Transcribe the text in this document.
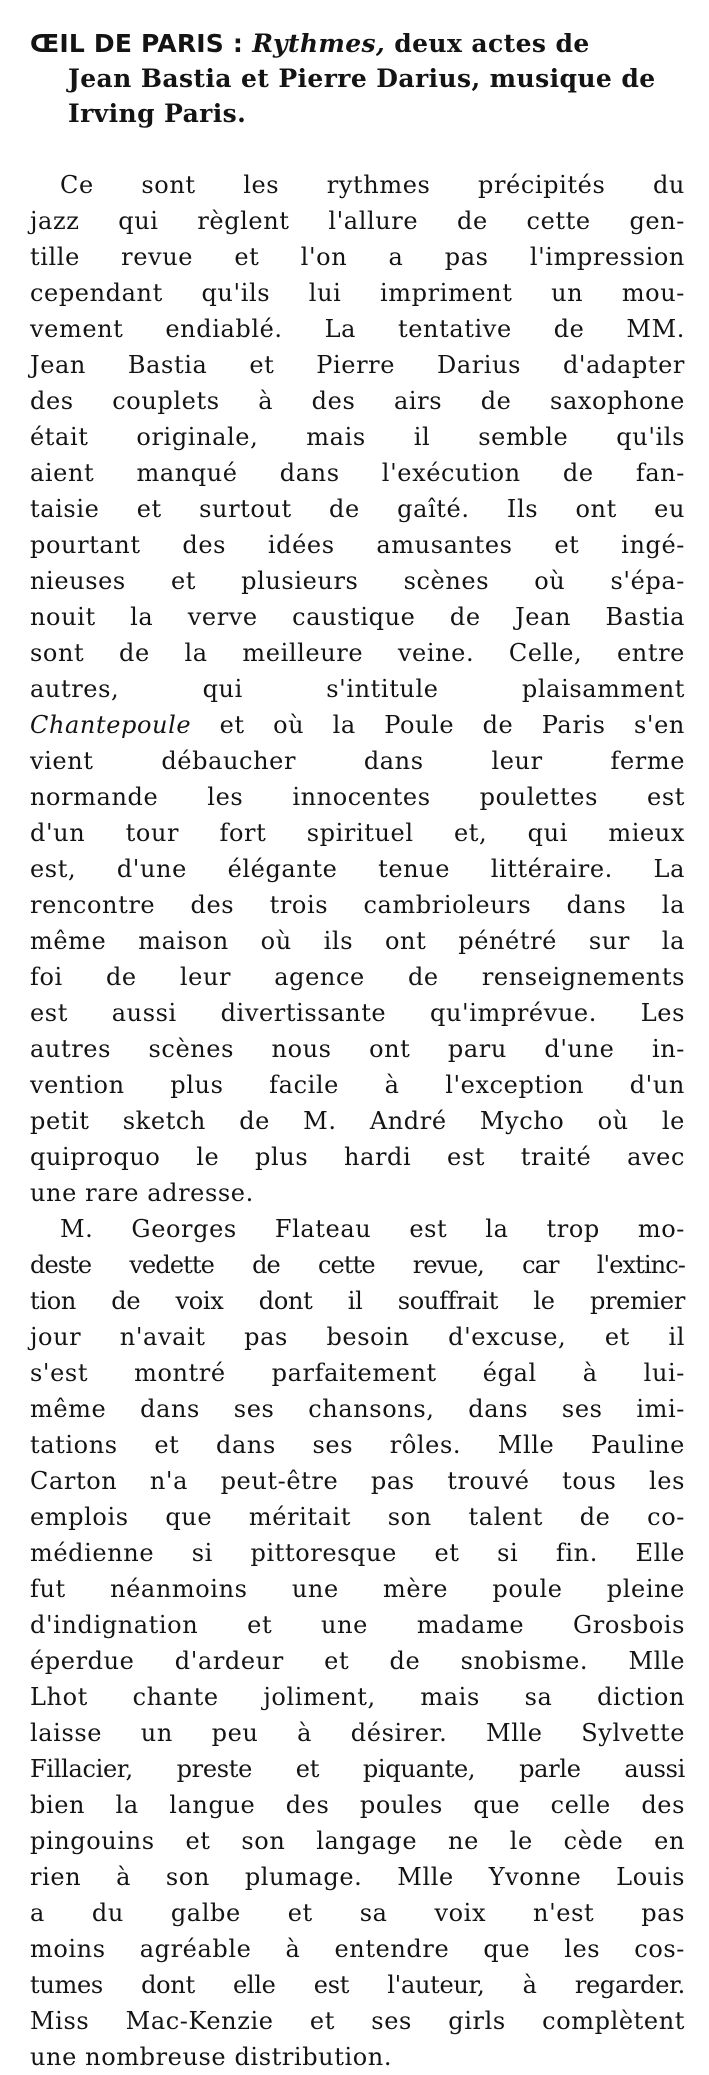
ŒIL DE PARIS : Rythmes, deux actes de
Jean Bastia et Pierre Darius, musique de
Irving Paris.
Ce sont les rythmes précipités du
jazz qui règlent l'allure de cette gen-
tille revue et l'on a pas l'impression
cependant qu'ils lui impriment un mou-
vement endiablé. La tentative de MM.
Jean Bastia et Pierre Darius d'adapter
des couplets à des airs de saxophone
était originale, mais il semble qu'ils
aient manqué dans l'exécution de fan-
taisie et surtout de gaîté. Ils ont eu
pourtant des idées amusantes et ingé-
nieuses et plusieurs scènes où s'épa-
nouit la verve caustique de Jean Bastia
sont de la meilleure veine. Celle, entre
autres, qui s'intitule plaisamment
Chantepoule et où la Poule de Paris s'en
vient débaucher dans leur ferme
normande les innocentes poulettes est
d'un tour fort spirituel et, qui mieux
est, d'une élégante tenue littéraire. La
rencontre des trois cambrioleurs dans la
même maison où ils ont pénétré sur la
foi de leur agence de renseignements
est aussi divertissante qu'imprévue. Les
autres scènes nous ont paru d'une in-
vention plus facile à l'exception d'un
petit sketch de M. André Mycho où le
quiproquo le plus hardi est traité avec
une rare adresse.
M. Georges Flateau est la trop mo-
deste vedette de cette revue, car l'extinc-
tion de voix dont il souffrait le premier
jour n'avait pas besoin d'excuse, et il
s'est montré parfaitement égal à lui-
même dans ses chansons, dans ses imi-
tations et dans ses rôles. Mlle Pauline
Carton n'a peut-être pas trouvé tous les
emplois que méritait son talent de co-
médienne si pittoresque et si fin. Elle
fut néanmoins une mère poule pleine
d'indignation et une madame Grosbois
éperdue d'ardeur et de snobisme. Mlle
Lhot chante joliment, mais sa diction
laisse un peu à désirer. Mlle Sylvette
Fillacier, preste et piquante, parle aussi
bien la langue des poules que celle des
pingouins et son langage ne le cède en
rien à son plumage. Mlle Yvonne Louis
a du galbe et sa voix n'est pas
moins agréable à entendre que les cos-
tumes dont elle est l'auteur, à regarder.
Miss Mac-Kenzie et ses girls complètent
une nombreuse distribution.
